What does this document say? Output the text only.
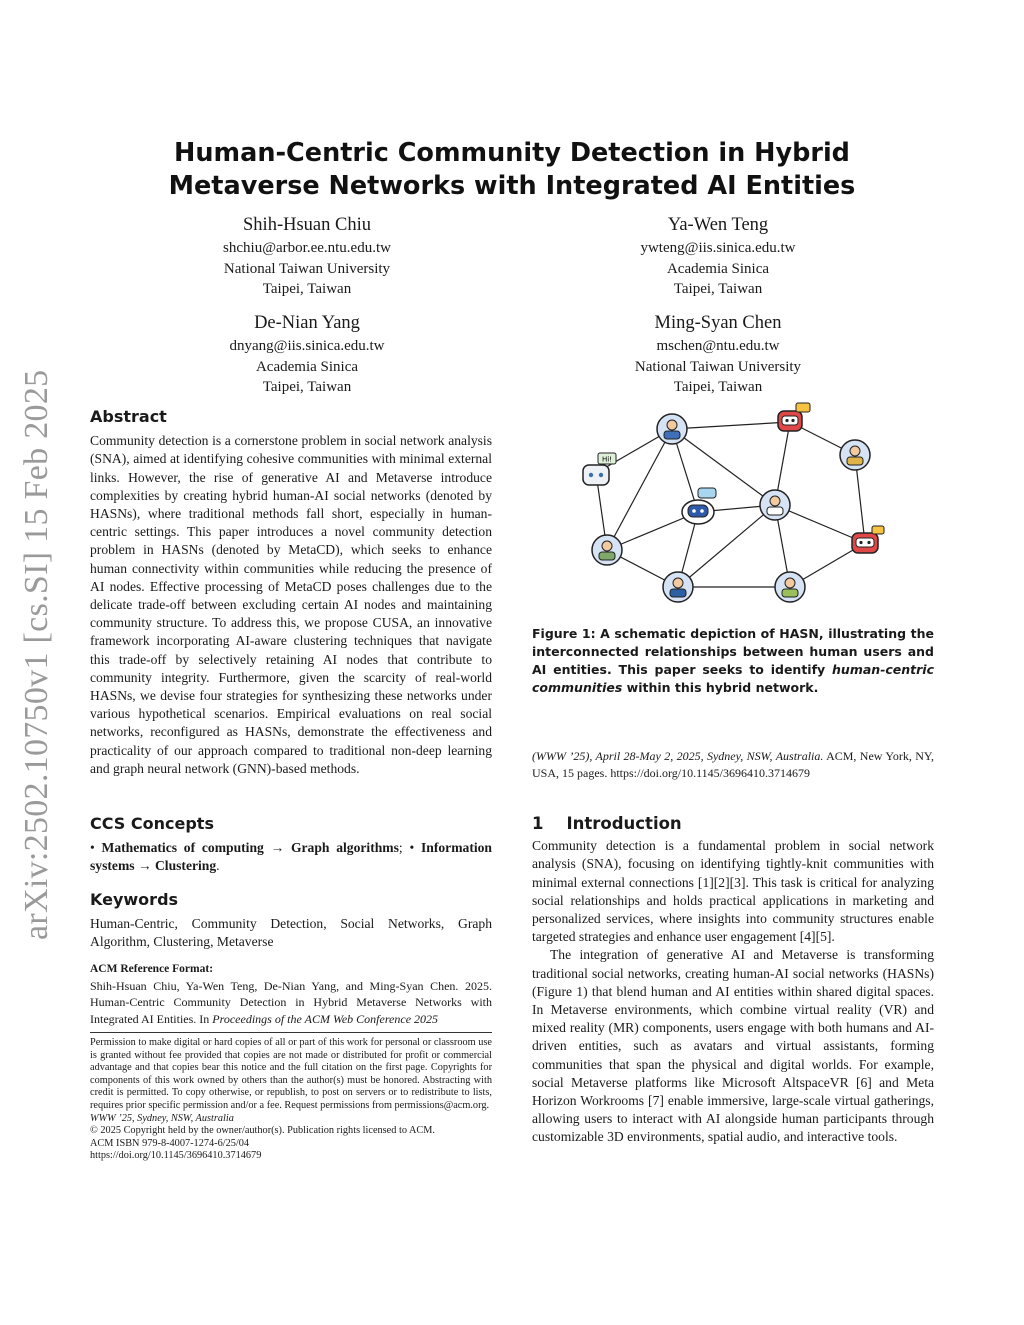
arXiv:2502.10750v1 [cs.SI] 15 Feb 2025
Human-Centric Community Detection in Hybrid Metaverse Networks with Integrated AI Entities
Shih-Hsuan Chiu
shchiu@arbor.ee.ntu.edu.tw
National Taiwan University
Taipei, Taiwan
Ya-Wen Teng
ywteng@iis.sinica.edu.tw
Academia Sinica
Taipei, Taiwan
De-Nian Yang
dnyang@iis.sinica.edu.tw
Academia Sinica
Taipei, Taiwan
Ming-Syan Chen
mschen@ntu.edu.tw
National Taiwan University
Taipei, Taiwan
Abstract

Community detection is a cornerstone problem in social network analysis (SNA), aimed at identifying cohesive communities with minimal external links. However, the rise of generative AI and Metaverse introduce complexities by creating hybrid human-AI social networks (denoted by HASNs), where traditional methods fall short, especially in human-centric settings. This paper introduces a novel community detection problem in HASNs (denoted by MetaCD), which seeks to enhance human connectivity within communities while reducing the presence of AI nodes. Effective processing of MetaCD poses challenges due to the delicate trade-off between excluding certain AI nodes and maintaining community structure. To address this, we propose CUSA, an innovative framework incorporating AI-aware clustering techniques that navigate this trade-off by selectively retaining AI nodes that contribute to community integrity. Furthermore, given the scarcity of real-world HASNs, we devise four strategies for synthesizing these networks under various hypothetical scenarios. Empirical evaluations on real social networks, reconfigured as HASNs, demonstrate the effectiveness and practicality of our approach compared to traditional non-deep learning and graph neural network (GNN)-based methods.

CCS Concepts

• Mathematics of computing → Graph algorithms; • Information systems → Clustering.

Keywords

Human-Centric, Community Detection, Social Networks, Graph Algorithm, Clustering, Metaverse

ACM Reference Format:

Shih-Hsuan Chiu, Ya-Wen Teng, De-Nian Yang, and Ming-Syan Chen. 2025. Human-Centric Community Detection in Hybrid Metaverse Networks with Integrated AI Entities. In Proceedings of the ACM Web Conference 2025

Permission to make digital or hard copies of all or part of this work for personal or classroom use is granted without fee provided that copies are not made or distributed for profit or commercial advantage and that copies bear this notice and the full citation on the first page. Copyrights for components of this work owned by others than the author(s) must be honored. Abstracting with credit is permitted. To copy otherwise, or republish, to post on servers or to redistribute to lists, requires prior specific permission and/or a fee. Request permissions from permissions@acm.org.

WWW ’25, Sydney, NSW, Australia

© 2025 Copyright held by the owner/author(s). Publication rights licensed to ACM.

ACM ISBN 979-8-4007-1274-6/25/04

https://doi.org/10.1145/3696410.3714679

Hi!
Figure 1: A schematic depiction of HASN, illustrating the interconnected relationships between human users and AI entities. This paper seeks to identify human-centric communities within this hybrid network.
(WWW ’25), April 28-May 2, 2025, Sydney, NSW, Australia. ACM, New York, NY, USA, 15 pages. https://doi.org/10.1145/3696410.3714679
1 Introduction

Community detection is a fundamental problem in social network analysis (SNA), focusing on identifying tightly-knit communities with minimal external connections [1][2][3]. This task is critical for analyzing social relationships and holds practical applications in marketing and personalized services, where insights into community structures enable targeted strategies and enhance user engagement [4][5].

The integration of generative AI and Metaverse is transforming traditional social networks, creating human-AI social networks (HASNs) (Figure 1) that blend human and AI entities within shared digital spaces. In Metaverse environments, which combine virtual reality (VR) and mixed reality (MR) components, users engage with both humans and AI-driven entities, such as avatars and virtual assistants, forming communities that span the physical and digital worlds. For example, social Metaverse platforms like Microsoft AltspaceVR [6] and Meta Horizon Workrooms [7] enable immersive, large-scale virtual gatherings, allowing users to interact with AI alongside human participants through customizable 3D environments, spatial audio, and interactive tools.
